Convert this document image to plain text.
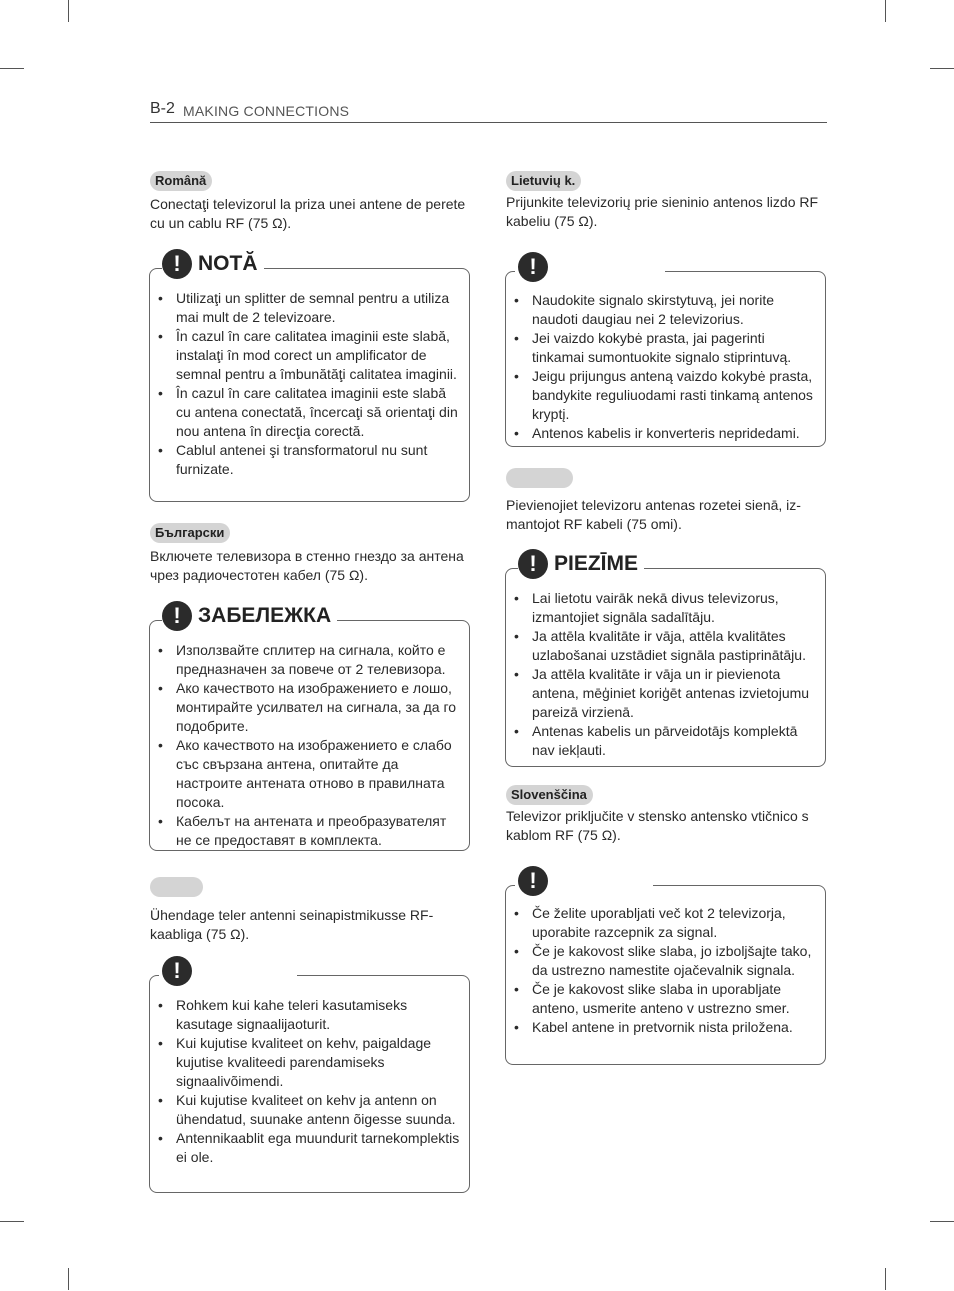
B-2 MAKING CONNECTIONS
Română
Conectaţi televizorul la priza unei antene de perete cu un cablu RF (75 Ω).
! NOTĂ
• Utilizaţi un splitter de semnal pentru a utiliza mai mult de 2 televizoare.
• În cazul în care calitatea imaginii este slabă, instalaţi în mod corect un amplificator de semnal pentru a îmbunătăţi calitatea imaginii.
• În cazul în care calitatea imaginii este slabă cu antena conectată, încercaţi să orientaţi din nou antena în direcţia corectă.
• Cablul antenei şi transformatorul nu sunt furnizate.
Български
Включете телевизора в стенно гнездо за антена чрез радиочестотен кабел (75 Ω).
! ЗАБЕЛЕЖКА
• Използвайте сплитер на сигнала, който е предназначен за повече от 2 телевизора.
• Ако качеството на изображението е лошо, монтирайте усилвател на сигнала, за да го подобрите.
• Ако качеството на изображението е слабо със свързана антена, опитайте да настроите антената отново в правилната посока.
• Кабелът на антената и преобразувателят не се предоставят в комплекта.
Ühendage teler antenni seinapistmikusse RF-kaabliga (75 Ω).
!
• Rohkem kui kahe teleri kasutamiseks kasutage signaalijaoturit.
• Kui kujutise kvaliteet on kehv, paigaldage kujutise kvaliteedi parendamiseks signaalivõimendi.
• Kui kujutise kvaliteet on kehv ja antenn on ühendatud, suunake antenn õigesse suunda.
• Antennikaablit ega muundurit tarnekomplektis ei ole.
Lietuvių k.
Prijunkite televizorių prie sieninio antenos lizdo RF kabeliu (75 Ω).
!
• Naudokite signalo skirstytuvą, jei norite naudoti daugiau nei 2 televizorius.
• Jei vaizdo kokybė prasta, jai pagerinti tinkamai sumontuokite signalo stiprintuvą.
• Jeigu prijungus anteną vaizdo kokybė prasta, bandykite reguliuodami rasti tinkamą antenos kryptį.
• Antenos kabelis ir konverteris nepridedami.
Pievienojiet televizoru antenas rozetei sienā, iz-mantojot RF kabeli (75 omi).
! PIEZĪME
• Lai lietotu vairāk nekā divus televizorus, izmantojiet signāla sadalītāju.
• Ja attēla kvalitāte ir vāja, attēla kvalitātes uzlabošanai uzstādiet signāla pastiprinātāju.
• Ja attēla kvalitāte ir vāja un ir pievienota antena, mēģiniet koriģēt antenas izvietojumu pareizā virzienā.
• Antenas kabelis un pārveidotājs komplektā nav iekļauti.
Slovenščina
Televizor priključite v stensko antensko vtičnico s kablom RF (75 Ω).
!
• Če želite uporabljati več kot 2 televizorja, uporabite razcepnik za signal.
• Če je kakovost slike slaba, jo izboljšajte tako, da ustrezno namestite ojačevalnik signala.
• Če je kakovost slike slaba in uporabljate anteno, usmerite anteno v ustrezno smer.
• Kabel antene in pretvornik nista priložena.
